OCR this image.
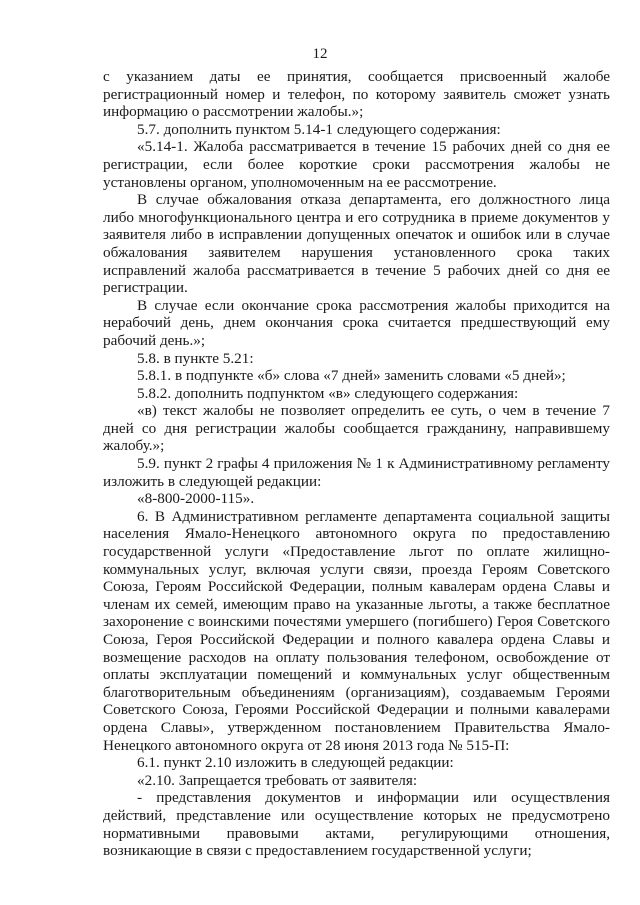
12

с указанием даты ее принятия, сообщается присвоенный жалобе регистрационный номер и телефон, по которому заявитель сможет узнать информацию о рассмотрении жалобы.»;

5.7. дополнить пунктом 5.14-1 следующего содержания:

«5.14-1. Жалоба рассматривается в течение 15 рабочих дней со дня ее регистрации, если более короткие сроки рассмотрения жалобы не установлены органом, уполномоченным на ее рассмотрение.

В случае обжалования отказа департамента, его должностного лица либо многофункционального центра и его сотрудника в приеме документов у заявителя либо в исправлении допущенных опечаток и ошибок или в случае обжалования заявителем нарушения установленного срока таких исправлений жалоба рассматривается в течение 5 рабочих дней со дня ее регистрации.

В случае если окончание срока рассмотрения жалобы приходится на нерабочий день, днем окончания срока считается предшествующий ему рабочий день.»;

5.8. в пункте 5.21:

5.8.1. в подпункте «б» слова «7 дней» заменить словами «5 дней»;

5.8.2. дополнить подпунктом «в» следующего содержания:

«в) текст жалобы не позволяет определить ее суть, о чем в течение 7 дней со дня регистрации жалобы сообщается гражданину, направившему жалобу.»;

5.9. пункт 2 графы 4 приложения № 1 к Административному регламенту изложить в следующей редакции:

«8-800-2000-115».

6. В Административном регламенте департамента социальной защиты населения Ямало-Ненецкого автономного округа по предоставлению государственной услуги «Предоставление льгот по оплате жилищно-коммунальных услуг, включая услуги связи, проезда Героям Советского Союза, Героям Российской Федерации, полным кавалерам ордена Славы и членам их семей, имеющим право на указанные льготы, а также бесплатное захоронение с воинскими почестями умершего (погибшего) Героя Советского Союза, Героя Российской Федерации и полного кавалера ордена Славы и возмещение расходов на оплату пользования телефоном, освобождение от оплаты эксплуатации помещений и коммунальных услуг общественным благотворительным объединениям (организациям), создаваемым Героями Советского Союза, Героями Российской Федерации и полными кавалерами ордена Славы», утвержденном постановлением Правительства Ямало-Ненецкого автономного округа от 28 июня 2013 года № 515-П:

6.1. пункт 2.10 изложить в следующей редакции:

«2.10. Запрещается требовать от заявителя:

- представления документов и информации или осуществления действий, представление или осуществление которых не предусмотрено нормативными правовыми актами, регулирующими отношения, возникающие в связи с предоставлением государственной услуги;
